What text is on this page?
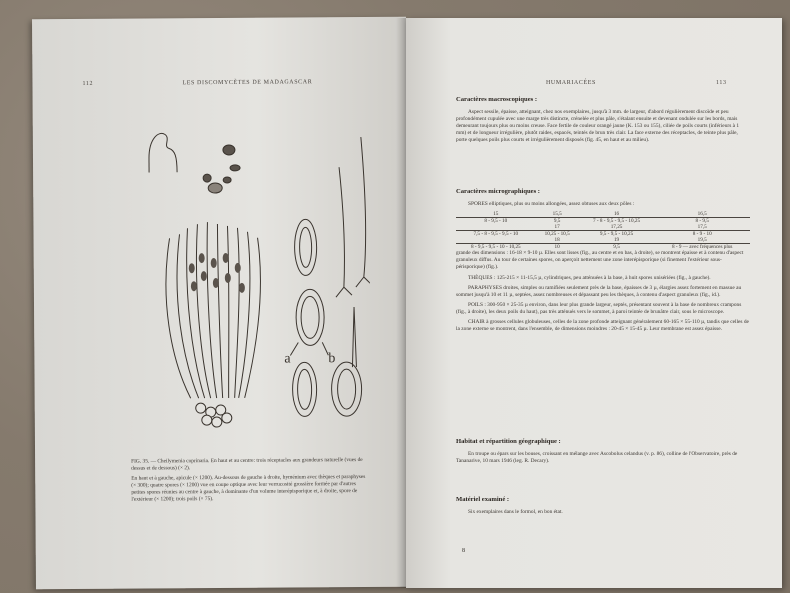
112	LES DISCOMYCÈTES DE MADAGASCAR
a	b
FIG. 35. — Cheilymenia coprinaria. En haut et au centre: trois réceptacles aux grandeurs naturelle (vues de dessus et de dessous) (× 2).
En haut et à gauche, apicule (× 1200). Au-dessous de gauche à droite, hyménium avec thèques et paraphyses (× 300); quatre spores (× 1200) vue en coupe optique avec leur verrucosité grossière formée par d'autres petites spores réunies au centre à gauche, à dominante d'un volume interépisporique et, à droite, spore de l'extérieur (× 1200); trois poils (× 75).
HUMARIACÉES	113
Caractères macroscopiques :
Aspect sessile, épaisse, atteignant, chez nos exemplaires, jusqu'à 3 mm. de largeur, d'abord régulièrement discoïde et peu profondément cupulée avec une marge très distincte, crénelée et plus pâle, s'étalant ensuite et devenant ondulée sur les bords, mais demeurant toujours plus ou moins creuse. Face fertile de couleur orangé jaune (K. 153 ou 155), ciliée de poils courts (inférieurs à 1 mm) et de longueur irrégulière, plutôt raides, espacés, teintés de brun très clair. La face externe des réceptacles, de teinte plus pâle, porte quelques poils plus courts et irrégulièrement disposés (fig. 45, en haut et au milieu).
Caractères micrographiques :
SPORES elliptiques, plus ou moins allongées, assez obtuses aux deux pôles :
15	15,5	16	16,5
8 - 9,5 - 10	9,5	7 - 8 - 9,5 - 9,5 - 10,25	8 - 9,5
	17	17,25	17,5
7,5 - 8 - 9,5 - 9,5 - 10	10,25 - 10,5	9,5 - 9,5 - 10,25	8 - 9 - 10
	18	19	19,5
8 - 9,5 - 9,5 - 10 - 10,25	10	9,5	8 - 9 — avec fréquences plus
grande des dimensions : 16-18 × 9-10 µ. Elles sont lisses (fig., au centre et en bas, à droite), se montrent épaisse et à contenu d'aspect granuleux diffus. Au tour de certaines spores, on aperçoit nettement une zone interépisporique (si finement l'extérieur sous-périsporique) (fig.).
THÈQUES : 125-215 × 11-15,5 µ, cylindriques, peu atténuées à la base, à huit spores unisériées (fig., à gauche).
PARAPHYSES droites, simples ou ramifiées seulement près de la base, épaisses de 3 µ, élargies assez fortement en massue au sommet jusqu'à 10 et 11 µ, septées, assez nombreuses et dépassant peu les thèques, à contenu d'aspect granuleux (fig., id.).
POILS : 300-950 × 25-35 µ environ, dans leur plus grande largeur, septés, présentant souvent à la base de nombreux crampons (fig., à droite), les deux poils du haut), pas très atténués vers le sommet, à paroi teintée de brunâtre clair, sous le microscope.
CHAIR à grosses cellules globuleuses, celles de la zone profonde atteignant généralement 60-165 × 55-110 µ, tandis que celles de la zone externe se montrent, dans l'ensemble, de dimensions moindres : 20-45 × 15-45 µ. Leur membrane est assez épaisse.
Habitat et répartition géographique :
En troupe ou épars sur les bouses, croissant en mélange avec Ascobolus celandus (v. p. 86), colline de l'Observatoire, près de Tananarive, 10 mars 1946 (leg. R. Decary).
Matériel examiné :
Six exemplaires dans le formol, en bon état.
8
